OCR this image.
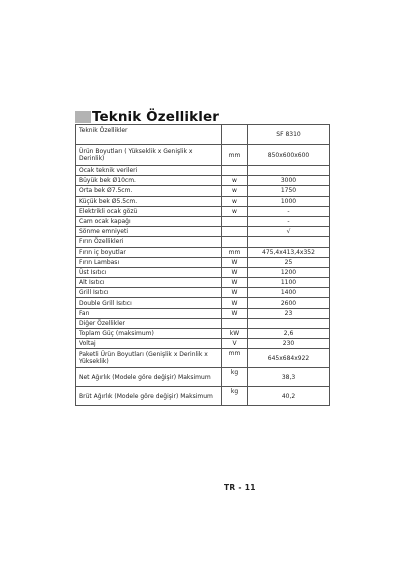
Teknik Özellikler
Teknik Özellikler		SF 8310
Ürün Boyutları ( Yükseklik x Genişlik x Derinlik)	mm	850x600x600
Ocak teknik verileri		
Büyük bek Ø10cm.	w	3000
Orta bek Ø7.5cm.	w	1750
Küçük bek Ø5.5cm.	w	1000
Elektrikli ocak gözü	w	-
Cam ocak kapağı		-
Sönme emniyeti		√
Fırın Özellikleri		
Fırın iç boyutlar	mm	475,4x413,4x352
Fırın Lambası	W	25
Üst Isıtıcı	W	1200
Alt Isıtıcı	W	1100
Grill Isıtıcı	W	1400
Double Grill Isıtıcı	W	2600
Fan	W	23
Diğer Özellikler		
Toplam Güç (maksimum)	kW	2,6
Voltaj	V	230
Paketli Ürün Boyutları (Genişlik x Derinlik x Yükseklik)	mm	645x684x922
Net Ağırlık (Modele göre değişir) Maksimum	kg	38,3
Brüt Ağırlık (Modele göre değişir) Maksimum	kg	40,2
TR - 11
